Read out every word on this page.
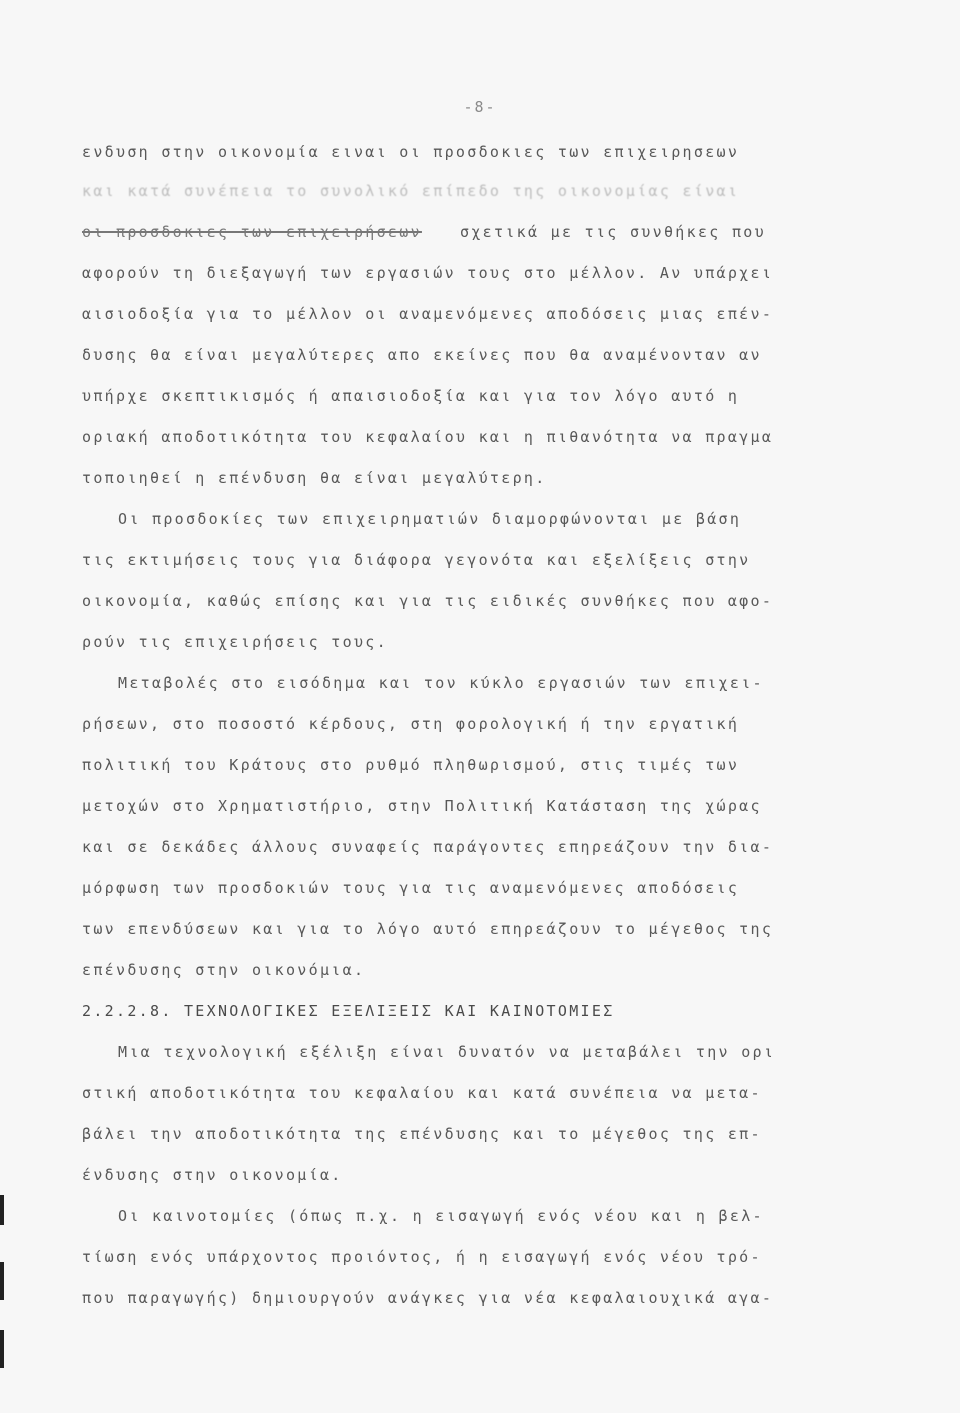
-8-
ενδυση στην οικονομία ειναι οι προσδοκιες των επιχειρησεων
και κατά συνέπεια το συνολικό επίπεδο της οικονομίας είναι
οι προσδοκιες των επιχειρήσεων	σχετικά με τις συνθήκες που
αφορούν τη διεξαγωγή των εργασιών τους στο μέλλον. Αν υπάρχει
αισιοδοξία για το μέλλον οι αναμενόμενες αποδόσεις μιας επέν-
δυσης θα είναι μεγαλύτερες απο εκείνες που θα αναμένονταν αν
υπήρχε σκεπτικισμός ή απαισιοδοξία και για τον λόγο αυτό η
οριακή αποδοτικότητα του κεφαλαίου και η πιθανότητα να πραγμα
τοποιηθεί η επένδυση θα είναι μεγαλύτερη.
Οι προσδοκίες των επιχειρηματιών διαμορφώνονται με βάση
τις εκτιμήσεις τους για διάφορα γεγονότα και εξελίξεις στην
οικονομία, καθώς επίσης και για τις ειδικές συνθήκες που αφο-
ρούν τις επιχειρήσεις τους.
Μεταβολές στο εισόδημα και τον κύκλο εργασιών των επιχει-
ρήσεων, στο ποσοστό κέρδους, στη φορολογική ή την εργατική
πολιτική του Κράτους στο ρυθμό πληθωρισμού, στις τιμές των
μετοχών στο Χρηματιστήριο, στην Πολιτική Κατάσταση της χώρας
και σε δεκάδες άλλους συναφείς παράγοντες επηρεάζουν την δια-
μόρφωση των προσδοκιών τους για τις αναμενόμενες αποδόσεις
των επενδύσεων και για το λόγο αυτό επηρεάζουν το μέγεθος της
επένδυσης στην οικονόμια.
2.2.2.8. ΤΕΧΝΟΛΟΓΙΚΕΣ ΕΞΕΛΙΞΕΙΣ ΚΑΙ ΚΑΙΝΟΤΟΜΙΕΣ
Μια τεχνολογική εξέλιξη είναι δυνατόν να μεταβάλει την ορι
στική αποδοτικότητα του κεφαλαίου και κατά συνέπεια να μετα-
βάλει την αποδοτικότητα της επένδυσης και το μέγεθος της επ-
ένδυσης στην οικονομία.
Οι καινοτομίες (όπως π.χ. η εισαγωγή ενός νέου και η βελ-
τίωση ενός υπάρχοντος προιόντος, ή η εισαγωγή ενός νέου τρό-
που παραγωγής) δημιουργούν ανάγκες για νέα κεφαλαιουχικά αγα-
